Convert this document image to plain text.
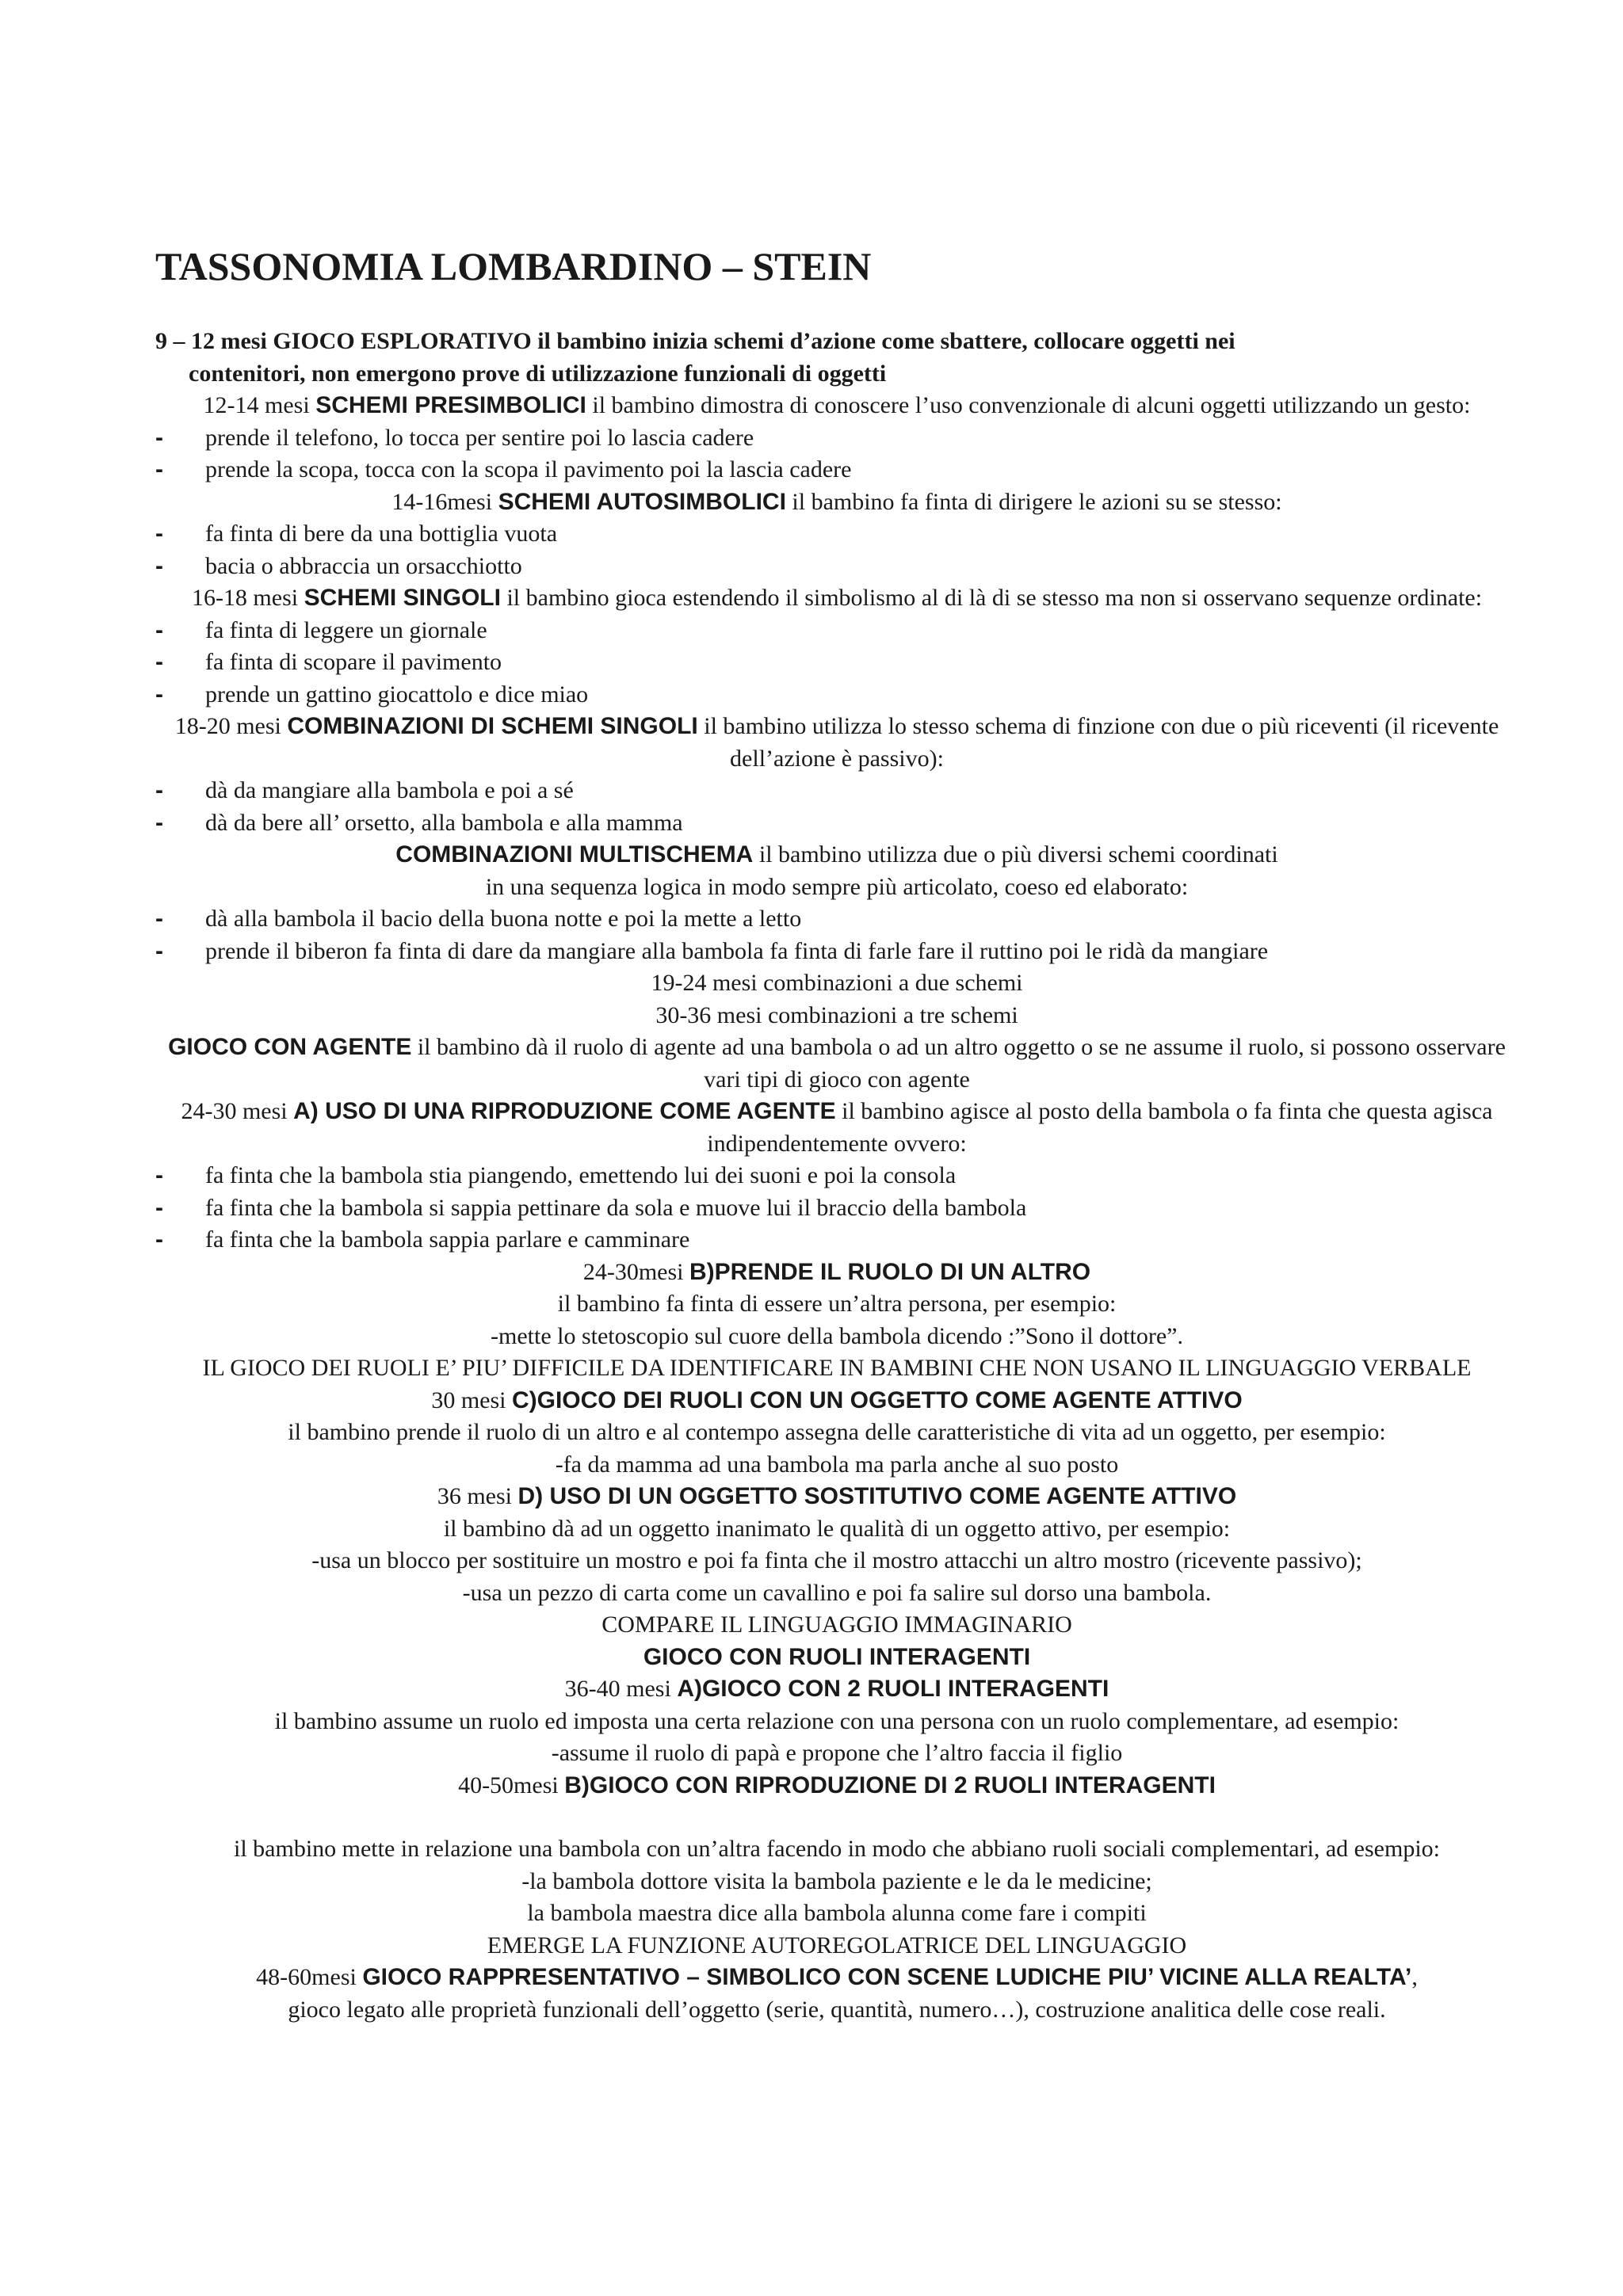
TASSONOMIA LOMBARDINO – STEIN

9 – 12 mesi GIOCO ESPLORATIVO il bambino inizia schemi d’azione come sbattere, collocare oggetti nei

contenitori, non emergono prove di utilizzazione funzionali di oggetti

12-14 mesi SCHEMI PRESIMBOLICI il bambino dimostra di conoscere l’uso convenzionale di alcuni oggetti utilizzando un gesto:

-	prende il telefono, lo tocca per sentire poi lo lascia cadere
-	prende la scopa, tocca con la scopa il pavimento poi la lascia cadere

14-16mesi SCHEMI AUTOSIMBOLICI il bambino fa finta di dirigere le azioni su se stesso:

-	fa finta di bere da una bottiglia vuota
-	bacia o abbraccia un orsacchiotto

16-18 mesi SCHEMI SINGOLI il bambino gioca estendendo il simbolismo al di là di se stesso ma non si osservano sequenze ordinate:

-	fa finta di leggere un giornale
-	fa finta di scopare il pavimento
-	prende un gattino giocattolo e dice miao

18-20 mesi COMBINAZIONI DI SCHEMI SINGOLI il bambino utilizza lo stesso schema di finzione con due o più riceventi (il ricevente dell’azione è passivo):

-	dà da mangiare alla bambola e poi a sé
-	dà da bere all’ orsetto, alla bambola e alla mamma

COMBINAZIONI MULTISCHEMA il bambino utilizza due o più diversi schemi coordinati

in una sequenza logica in modo sempre più articolato, coeso ed elaborato:

-	dà alla bambola il bacio della buona notte e poi la mette a letto
-	prende il biberon fa finta di dare da mangiare alla bambola fa finta di farle fare il ruttino poi le ridà da mangiare

19-24 mesi combinazioni a due schemi

30-36 mesi combinazioni a tre schemi

GIOCO CON AGENTE il bambino dà il ruolo di agente ad una bambola o ad un altro oggetto o se ne assume il ruolo, si possono osservare vari tipi di gioco con agente

24-30 mesi A) USO DI UNA RIPRODUZIONE COME AGENTE il bambino agisce al posto della bambola o fa finta che questa agisca indipendentemente ovvero:

-	fa finta che la bambola stia piangendo, emettendo lui dei suoni e poi la consola
-	fa finta che la bambola si sappia pettinare da sola e muove lui il braccio della bambola
-	fa finta che la bambola sappia parlare e camminare

24-30mesi B)PRENDE IL RUOLO DI UN ALTRO

il bambino fa finta di essere un’altra persona, per esempio:

-mette lo stetoscopio sul cuore della bambola dicendo :”Sono il dottore”.

IL GIOCO DEI RUOLI E’ PIU’ DIFFICILE DA IDENTIFICARE IN BAMBINI CHE NON USANO IL LINGUAGGIO VERBALE

30 mesi C)GIOCO DEI RUOLI CON UN OGGETTO COME AGENTE ATTIVO

il bambino prende il ruolo di un altro e al contempo assegna delle caratteristiche di vita ad un oggetto, per esempio:

-fa da mamma ad una bambola ma parla anche al suo posto

36 mesi D) USO DI UN OGGETTO SOSTITUTIVO COME AGENTE ATTIVO

il bambino dà ad un oggetto inanimato le qualità di un oggetto attivo, per esempio:

-usa un blocco per sostituire un mostro e poi fa finta che il mostro attacchi un altro mostro (ricevente passivo);

-usa un pezzo di carta come un cavallino e poi fa salire sul dorso una bambola.

COMPARE IL LINGUAGGIO IMMAGINARIO

GIOCO CON RUOLI INTERAGENTI

36-40 mesi A)GIOCO CON 2 RUOLI INTERAGENTI

il bambino assume un ruolo ed imposta una certa relazione con una persona con un ruolo complementare, ad esempio:

-assume il ruolo di papà e propone che l’altro faccia il figlio

40-50mesi B)GIOCO CON RIPRODUZIONE DI 2 RUOLI INTERAGENTI

il bambino mette in relazione una bambola con un’altra facendo in modo che abbiano ruoli sociali complementari, ad esempio:

-la bambola dottore visita la bambola paziente e le da le medicine;

la bambola maestra dice alla bambola alunna come fare i compiti

EMERGE LA FUNZIONE AUTOREGOLATRICE DEL LINGUAGGIO

48-60mesi GIOCO RAPPRESENTATIVO – SIMBOLICO CON SCENE LUDICHE PIU’ VICINE ALLA REALTA’,

gioco legato alle proprietà funzionali dell’oggetto (serie, quantità, numero…), costruzione analitica delle cose reali.
